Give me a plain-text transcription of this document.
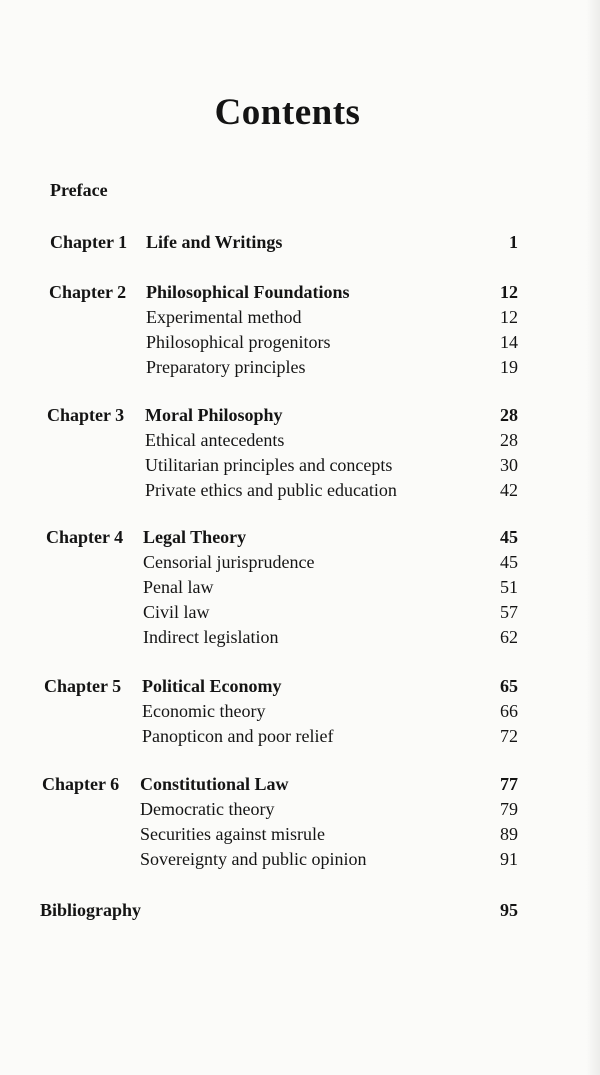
Contents
Preface
Chapter 1 Life and Writings	1
Chapter 2 Philosophical Foundations	12
Experimental method	12
Philosophical progenitors	14
Preparatory principles	19
Chapter 3 Moral Philosophy	28
Ethical antecedents	28
Utilitarian principles and concepts	30
Private ethics and public education	42
Chapter 4 Legal Theory	45
Censorial jurisprudence	45
Penal law	51
Civil law	57
Indirect legislation	62
Chapter 5 Political Economy	65
Economic theory	66
Panopticon and poor relief	72
Chapter 6 Constitutional Law	77
Democratic theory	79
Securities against misrule	89
Sovereignty and public opinion	91
Bibliography	95
